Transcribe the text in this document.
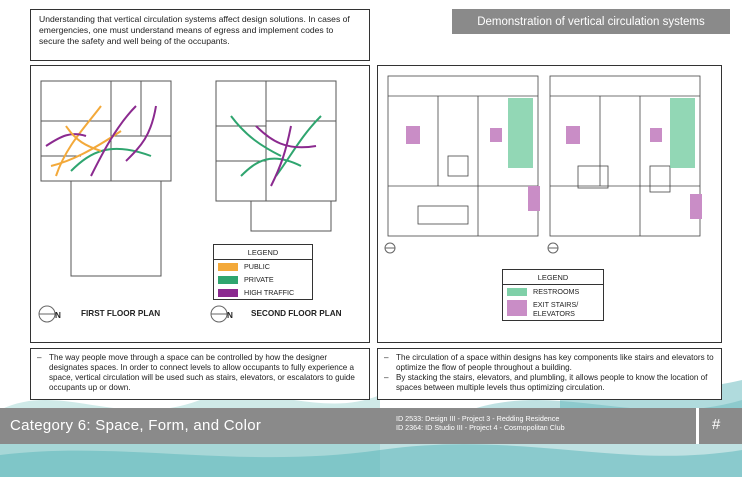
Understanding that vertical circulation systems affect design solutions. In cases of emergencies, one must understand means of egress and implement codes to secure the safety and well being of the occupants.
Demonstration of vertical circulation systems
N FIRST FLOOR PLAN	N SECOND FLOOR PLAN
LEGEND
PUBLIC
PRIVATE
HIGH TRAFFIC
LEGEND
RESTROOMS
EXIT STAIRS/ ELEVATORS
– The way people move through a space can be controlled by how the designer designates spaces. In order to connect levels to allow occupants to fully experience a space, vertical circulation will be used such as stairs, elevators, or escalators to guide occupants up or down.
– The circulation of a space within designs has key components like stairs and elevators to optimize the flow of people throughout a building.
– By stacking the stairs, elevators, and plumbling, it allows people to know the location of spaces between multiple levels thus optimizing circulation.
Category 6: Space, Form, and Color	ID 2533: Design III - Project 3 - Redding Residence
ID 2364: ID Studio III - Project 4 - Cosmopolitan Club	#
